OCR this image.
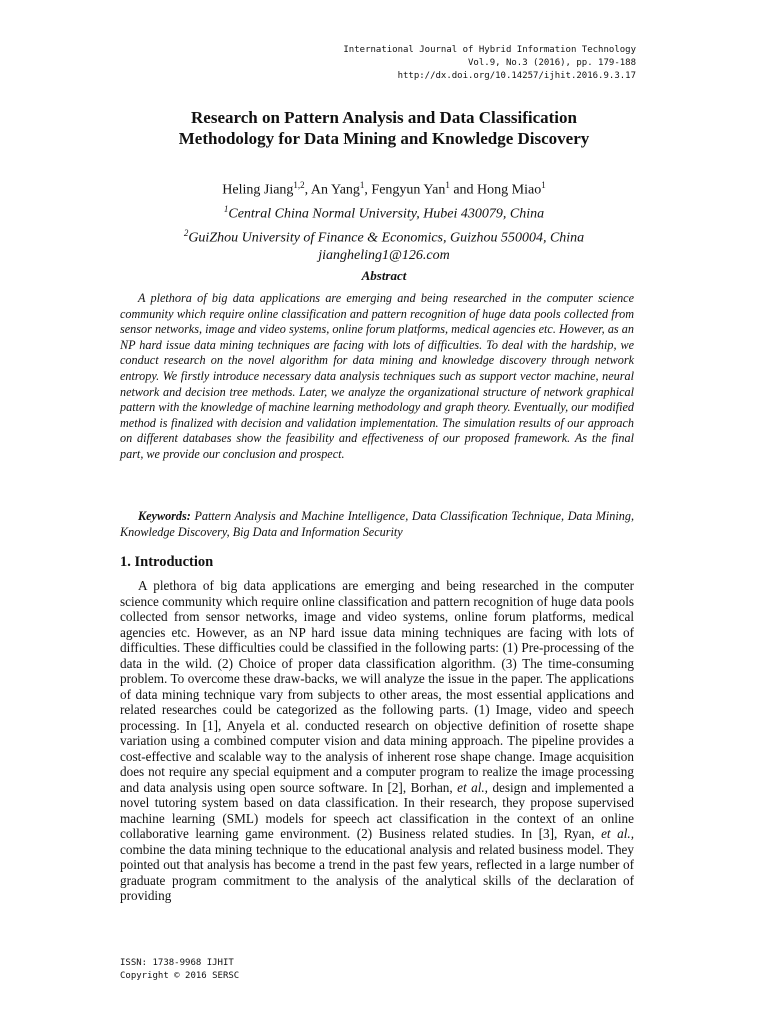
International Journal of Hybrid Information Technology
Vol.9, No.3 (2016), pp. 179-188
http://dx.doi.org/10.14257/ijhit.2016.9.3.17
Research on Pattern Analysis and Data Classification
Methodology for Data Mining and Knowledge Discovery
Heling Jiang$^{1,2}$, An Yang$^1$, Fengyun Yan$^1$ and Hong Miao$^1$
$^1$Central China Normal University, Hubei 430079, China
$^2$GuiZhou University of Finance & Economics, Guizhou 550004, China
jiangheling1@126.com
Abstract
A plethora of big data applications are emerging and being researched in the computer science community which require online classification and pattern recognition of huge data pools collected from sensor networks, image and video systems, online forum platforms, medical agencies etc. However, as an NP hard issue data mining techniques are facing with lots of difficulties. To deal with the hardship, we conduct research on the novel algorithm for data mining and knowledge discovery through network entropy. We firstly introduce necessary data analysis techniques such as support vector machine, neural network and decision tree methods. Later, we analyze the organizational structure of network graphical pattern with the knowledge of machine learning methodology and graph theory. Eventually, our modified method is finalized with decision and validation implementation. The simulation results of our approach on different databases show the feasibility and effectiveness of our proposed framework. As the final part, we provide our conclusion and prospect.
Keywords: Pattern Analysis and Machine Intelligence, Data Classification Technique, Data Mining, Knowledge Discovery, Big Data and Information Security
1. Introduction
A plethora of big data applications are emerging and being researched in the computer science community which require online classification and pattern recognition of huge data pools collected from sensor networks, image and video systems, online forum platforms, medical agencies etc. However, as an NP hard issue data mining techniques are facing with lots of difficulties. These difficulties could be classified in the following parts: (1) Pre-processing of the data in the wild. (2) Choice of proper data classification algorithm. (3) The time-consuming problem. To overcome these draw-backs, we will analyze the issue in the paper. The applications of data mining technique vary from subjects to other areas, the most essential applications and related researches could be categorized as the following parts. (1) Image, video and speech processing. In [1], Anyela et al. conducted research on objective definition of rosette shape variation using a combined computer vision and data mining approach. The pipeline provides a cost-effective and scalable way to the analysis of inherent rose shape change. Image acquisition does not require any special equipment and a computer program to realize the image processing and data analysis using open source software. In [2], Borhan, et al., design and implemented a novel tutoring system based on data classification. In their research, they propose supervised machine learning (SML) models for speech act classification in the context of an online collaborative learning game environment. (2) Business related studies. In [3], Ryan, et al., combine the data mining technique to the educational analysis and related business model. They pointed out that analysis has become a trend in the past few years, reflected in a large number of graduate program commitment to the analysis of the analytical skills of the declaration of providing
ISSN: 1738-9968 IJHIT
Copyright © 2016 SERSC
